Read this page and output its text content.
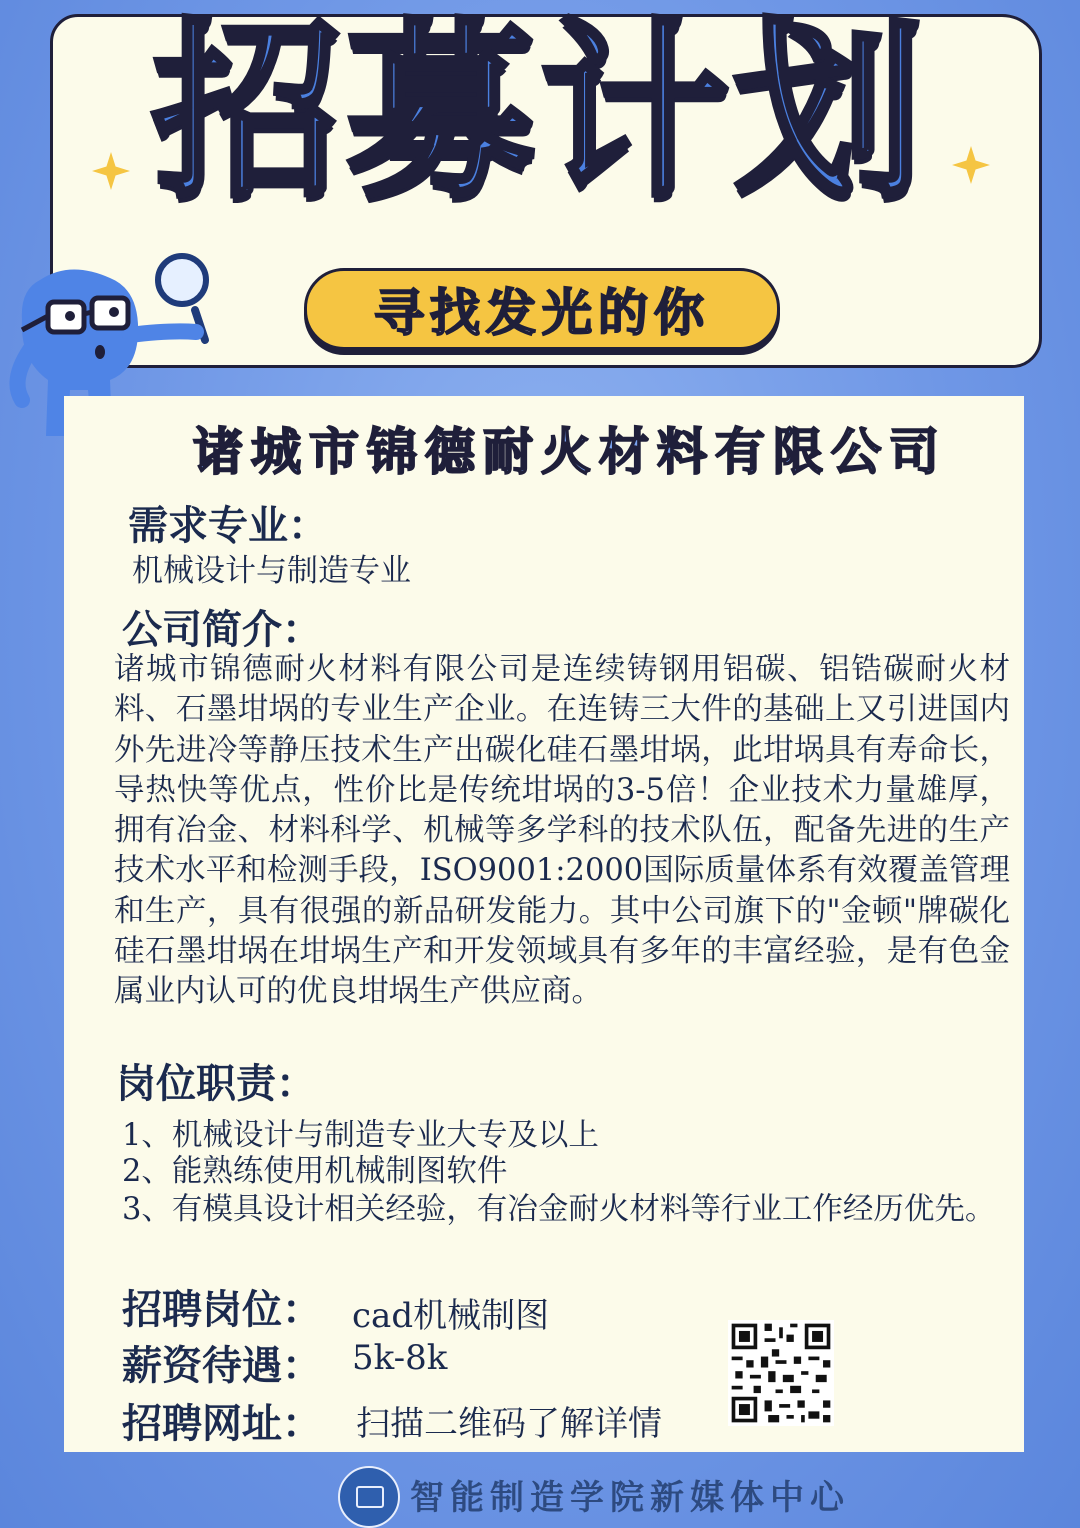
招募计划
寻找发光的你
诸城市锦德耐火材料有限公司
需求专业：

机械设计与制造专业

公司简介：

诸城市锦德耐火材料有限公司是连续铸钢用铝碳、铝锆碳耐火材料、石墨坩埚的专业生产企业。在连铸三大件的基础上又引进国内外先进冷等静压技术生产出碳化硅石墨坩埚，此坩埚具有寿命长，导热快等优点，性价比是传统坩埚的3-5倍！企业技术力量雄厚，拥有冶金、材料科学、机械等多学科的技术队伍，配备先进的生产技术水平和检测手段，ISO9001:2000国际质量体系有效覆盖管理和生产，具有很强的新品研发能力。其中公司旗下的"金顿"牌碳化硅石墨坩埚在坩埚生产和开发领域具有多年的丰富经验，是有色金属业内认可的优良坩埚生产供应商。

岗位职责：

1、机械设计与制造专业大专及以上

2、能熟练使用机械制图软件

3、有模具设计相关经验，有冶金耐火材料等行业工作经历优先。

招聘岗位： cad机械制图
薪资待遇： 5k-8k
招聘网址： 扫描二维码了解详情
智能制造学院新媒体中心
